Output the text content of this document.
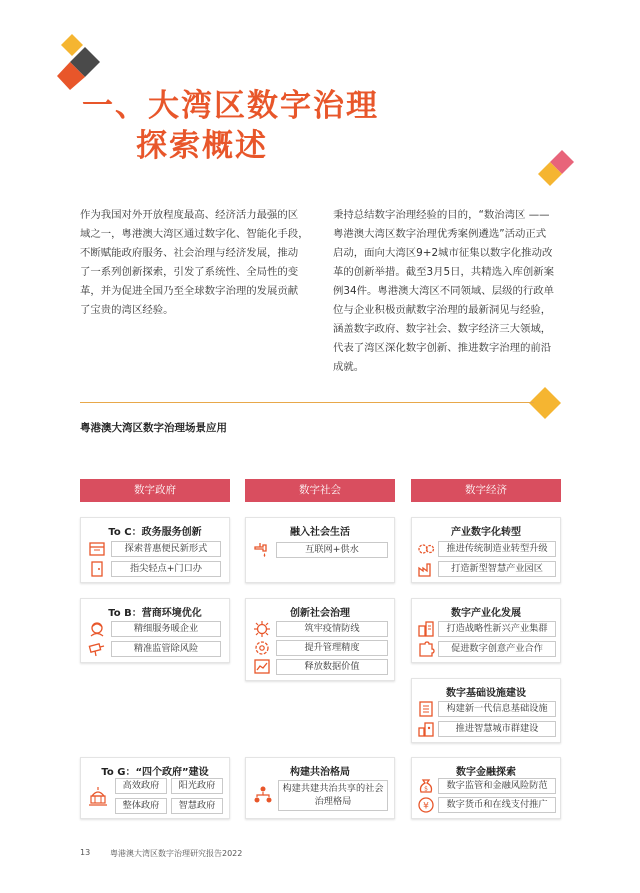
一、大湾区数字治理
探索概述
作为我国对外开放程度最高、经济活力最强的区
域之一，粤港澳大湾区通过数字化、智能化手段，
不断赋能政府服务、社会治理与经济发展，推动
了一系列创新探索，引发了系统性、全局性的变
革，并为促进全国乃至全球数字治理的发展贡献
了宝贵的湾区经验。
秉持总结数字治理经验的目的，“数治湾区 ——
粤港澳大湾区数字治理优秀案例遴选”活动正式
启动，面向大湾区9+2城市征集以数字化推动改
革的创新举措。截至3月5日，共精选入库创新案
例34件。粤港澳大湾区不同领域、层级的行政单
位与企业积极贡献数字治理的最新洞见与经验，
涵盖数字政府、数字社会、数字经济三大领域，
代表了湾区深化数字创新、推进数字治理的前沿
成就。
粤港澳大湾区数字治理场景应用
数字政府	数字社会	数字经济
To C：政务服务创新
探索普惠便民新形式
指尖轻点+门口办
To B：营商环境优化
精细服务暖企业
精准监管除风险
To G：“四个政府”建设
高效政府	阳光政府
整体政府	智慧政府
融入社会生活
互联网+供水
创新社会治理
筑牢疫情防线
提升管理精度
释放数据价值
构建共治格局
构建共建共治共享的社会治理格局
产业数字化转型
推进传统制造业转型升级
打造新型智慧产业园区
数字产业化发展
打造战略性新兴产业集群
促进数字创意产业合作
数字基础设施建设
构建新一代信息基础设施
推进智慧城市群建设
数字金融探索
$
¥
数字监管和金融风险防范
数字货币和在线支付推广
13 粤港澳大湾区数字治理研究报告2022
